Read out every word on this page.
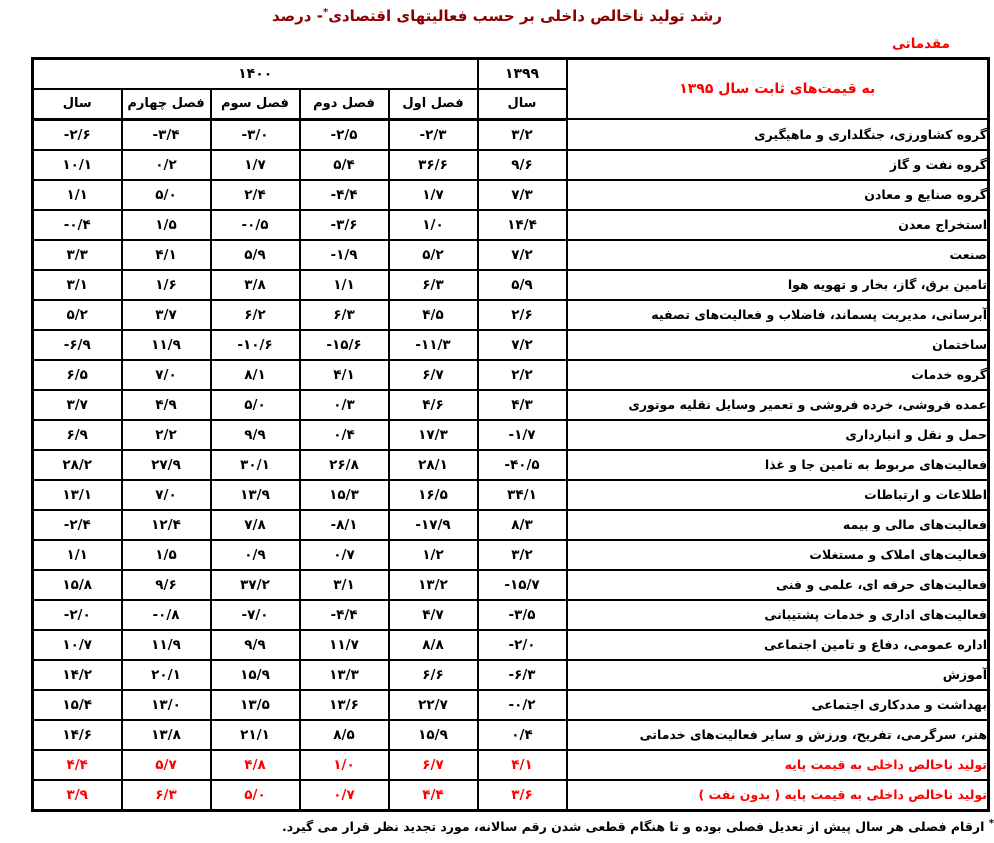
رشد تولید ناخالص داخلی بر حسب فعالیتهای اقتصادی*- درصد
مقدماتی
به قیمت‌های ثابت سال ۱۳۹۵	۱۳۹۹	۱۴۰۰				
	سال	فصل اول	فصل دوم	فصل سوم	فصل چهارم	سال
گروه کشاورزی، جنگلداری و ماهیگیری	۳/۲	-۲/۳	-۲/۵	-۳/۰	-۳/۴	-۲/۶
گروه نفت و گاز	۹/۶	۳۶/۶	۵/۴	۱/۷	۰/۲	۱۰/۱
گروه صنایع و معادن	۷/۳	۱/۷	-۴/۴	۲/۴	۵/۰	۱/۱
استخراج معدن	۱۴/۴	۱/۰	-۳/۶	-۰/۵	۱/۵	-۰/۴
صنعت	۷/۲	۵/۲	-۱/۹	۵/۹	۴/۱	۳/۳
تامین برق، گاز، بخار و تهویه هوا	۵/۹	۶/۳	۱/۱	۳/۸	۱/۶	۳/۱
آبرسانی، مدیریت پسماند، فاضلاب و فعالیت‌های تصفیه	۲/۶	۴/۵	۶/۳	۶/۲	۳/۷	۵/۲
ساختمان	۷/۲	-۱۱/۳	-۱۵/۶	-۱۰/۶	۱۱/۹	-۶/۹
گروه خدمات	۲/۲	۶/۷	۴/۱	۸/۱	۷/۰	۶/۵
عمده فروشی، خرده فروشی و تعمیر وسایل نقلیه موتوری	۴/۳	۴/۶	۰/۳	۵/۰	۴/۹	۳/۷
حمل و نقل و انبارداری	-۱/۷	۱۷/۳	۰/۴	۹/۹	۲/۲	۶/۹
فعالیت‌های مربوط به تامین جا و غذا	-۴۰/۵	۲۸/۱	۲۶/۸	۳۰/۱	۲۷/۹	۲۸/۲
اطلاعات و ارتباطات	۳۴/۱	۱۶/۵	۱۵/۳	۱۳/۹	۷/۰	۱۳/۱
فعالیت‌های مالی و بیمه	۸/۳	-۱۷/۹	-۸/۱	۷/۸	۱۲/۴	-۲/۴
فعالیت‌های املاک و مستغلات	۳/۲	۱/۲	۰/۷	۰/۹	۱/۵	۱/۱
فعالیت‌های حرفه ای، علمی و فنی	-۱۵/۷	۱۳/۲	۳/۱	۳۷/۲	۹/۶	۱۵/۸
فعالیت‌های اداری و خدمات پشتیبانی	-۳/۵	۴/۷	-۴/۴	-۷/۰	-۰/۸	-۲/۰
اداره عمومی، دفاع و تامین اجتماعی	-۲/۰	۸/۸	۱۱/۷	۹/۹	۱۱/۹	۱۰/۷
آموزش	-۶/۳	۶/۶	۱۳/۳	۱۵/۹	۲۰/۱	۱۴/۲
بهداشت و مددکاری اجتماعی	-۰/۲	۲۲/۷	۱۳/۶	۱۳/۵	۱۳/۰	۱۵/۴
هنر، سرگرمی، تفریح، ورزش و سایر فعالیت‌های خدماتی	۰/۴	۱۵/۹	۸/۵	۲۱/۱	۱۳/۸	۱۴/۶
تولید ناخالص داخلی به قیمت پایه	۴/۱	۶/۷	۱/۰	۴/۸	۵/۷	۴/۴
تولید ناخالص داخلی به قیمت پایه ( بدون نفت )	۳/۶	۴/۴	۰/۷	۵/۰	۶/۳	۳/۹
* ارقام فصلی هر سال پیش از تعدیل فصلی بوده و تا هنگام قطعی شدن رقم سالانه، مورد تجدید نظر قرار می گیرد.
